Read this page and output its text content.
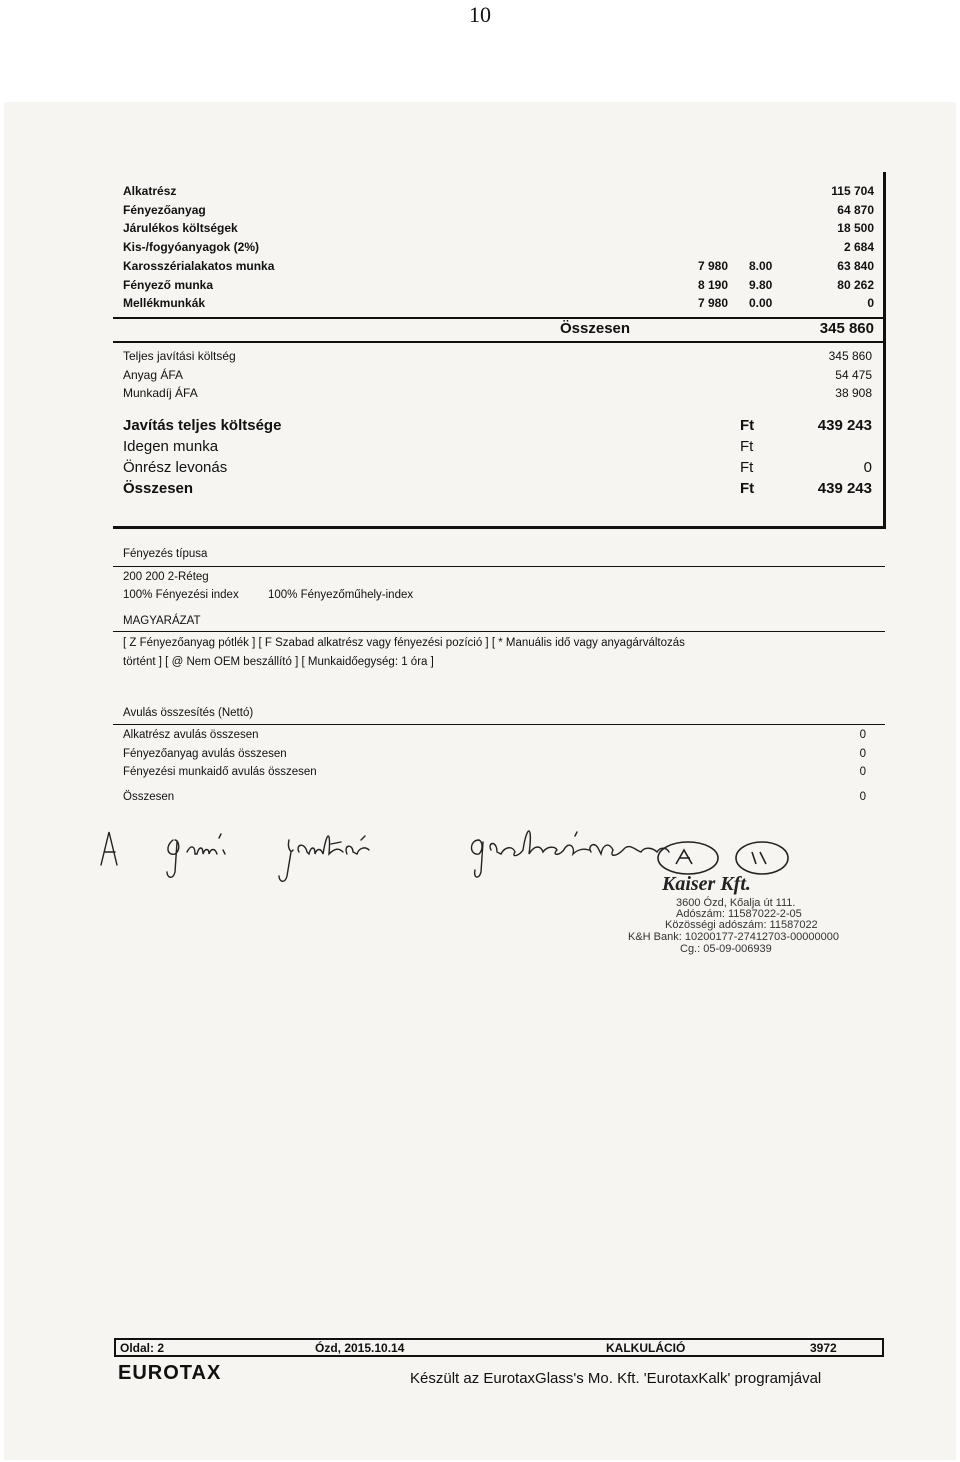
10
Alkatrész	115 704
Fényezőanyag	64 870
Járulékos költségek	18 500
Kis-/fogyóanyagok (2%)	2 684
Karosszérialakatos munka	7 980 8.00	63 840
Fényező munka	8 190 9.80	80 262
Mellékmunkák	7 980 0.00	0
Összesen	345 860
Teljes javítási költség	345 860
Anyag ÁFA	54 475
Munkadíj ÁFA	38 908
Javítás teljes költsége	Ft	439 243
Idegen munka	Ft
Önrész levonás	Ft	0
Összesen	Ft	439 243
Fényezés típusa
200 200 2-Réteg
100% Fényezési index	100% Fényezőműhely-index
MAGYARÁZAT
[ Z Fényezőanyag pótlék ] [ F Szabad alkatrész vagy fényezési pozíció ] [ * Manuális idő vagy anyagárváltozás
történt ] [ @ Nem OEM beszállító ] [ Munkaidőegység: 1 óra ]
Avulás összesítés (Nettó)
Alkatrész avulás összesen	0
Fényezőanyag avulás összesen	0
Fényezési munkaidő avulás összesen	0
Összesen	0
Kaiser Kft.
3600 Ózd, Kőalja út 111.
Adószám: 11587022-2-05
Közösségi adószám: 11587022
K&H Bank: 10200177-27412703-00000000
Cg.: 05-09-006939
Oldal: 2	Ózd, 2015.10.14	KALKULÁCIÓ	3972
EUROTAX	Készült az EurotaxGlass's Mo. Kft. 'EurotaxKalk' programjával
